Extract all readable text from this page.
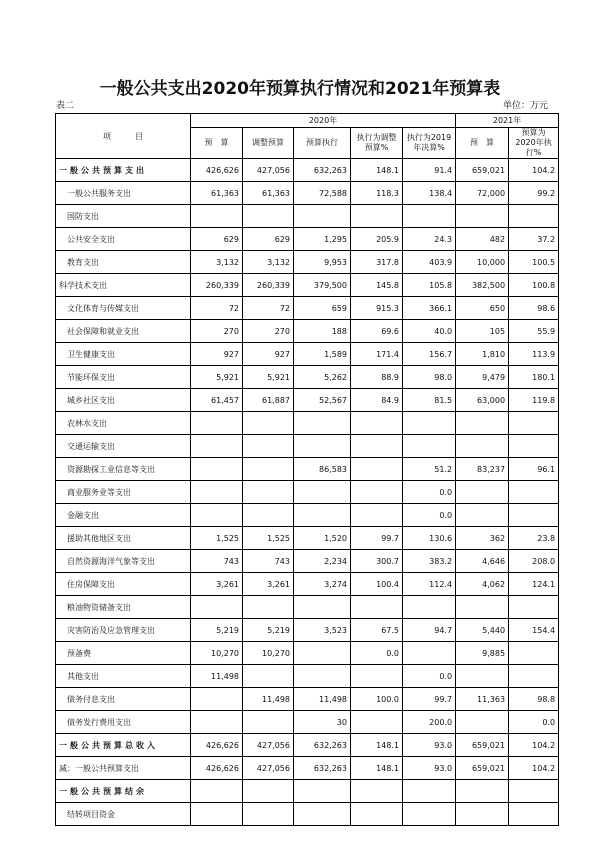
一般公共支出2020年预算执行情况和2021年预算表
表二	单位：万元
项　　　目	2020年					2021年	
	预　算	调整预算	预算执行	执行为调整预算%	执行为2019年决算%	预　算	预算为2020年执行%
一般公共预算支出	426,626	427,056	632,263	148.1	91.4	659,021	104.2
一般公共服务支出	61,363	61,363	72,588	118.3	138.4	72,000	99.2
国防支出							
公共安全支出	629	629	1,295	205.9	24.3	482	37.2
教育支出	3,132	3,132	9,953	317.8	403.9	10,000	100.5
科学技术支出	260,339	260,339	379,500	145.8	105.8	382,500	100.8
文化体育与传媒支出	72	72	659	915.3	366.1	650	98.6
社会保障和就业支出	270	270	188	69.6	40.0	105	55.9
卫生健康支出	927	927	1,589	171.4	156.7	1,810	113.9
节能环保支出	5,921	5,921	5,262	88.9	98.0	9,479	180.1
城乡社区支出	61,457	61,887	52,567	84.9	81.5	63,000	119.8
农林水支出							
交通运输支出							
资源勘探工业信息等支出			86,583		51.2	83,237	96.1
商业服务业等支出					0.0		
金融支出					0.0		
援助其他地区支出	1,525	1,525	1,520	99.7	130.6	362	23.8
自然资源海洋气象等支出	743	743	2,234	300.7	383.2	4,646	208.0
住房保障支出	3,261	3,261	3,274	100.4	112.4	4,062	124.1
粮油物资储备支出							
灾害防治及应急管理支出	5,219	5,219	3,523	67.5	94.7	5,440	154.4
预备费	10,270	10,270		0.0		9,885	
其他支出	11,498				0.0		
债务付息支出		11,498	11,498	100.0	99.7	11,363	98.8
债务发行费用支出			30		200.0		0.0
一般公共预算总收入	426,626	427,056	632,263	148.1	93.0	659,021	104.2
减：一般公共预算支出	426,626	427,056	632,263	148.1	93.0	659,021	104.2
一般公共预算结余							
结转项目资金							
